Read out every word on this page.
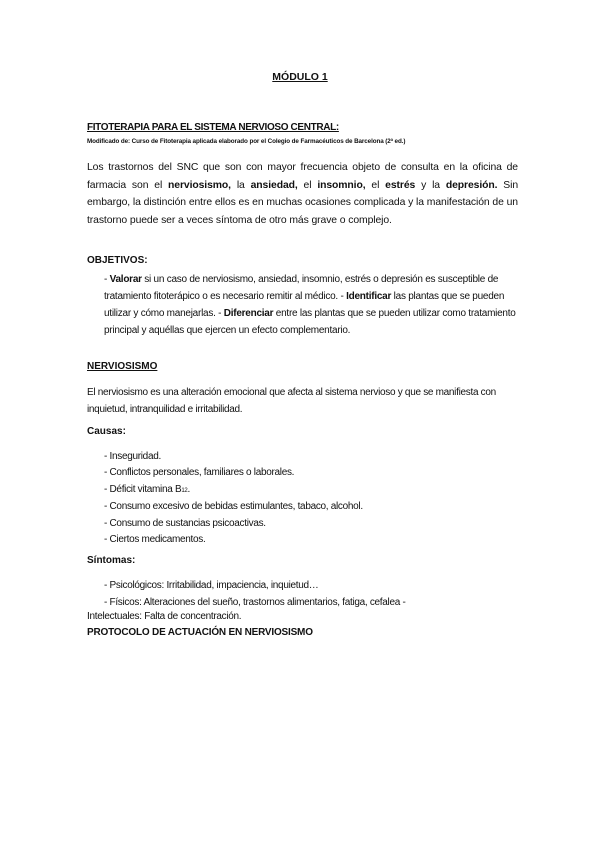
MÓDULO 1
FITOTERAPIA PARA EL SISTEMA NERVIOSO CENTRAL:
Modificado de: Curso de Fitoterapia aplicada elaborado por el Colegio de Farmacéuticos de Barcelona (2ª ed.)
Los trastornos del SNC que son con mayor frecuencia objeto de consulta en la oficina de farmacia son el nerviosismo, la ansiedad, el insomnio, el estrés y la depresión. Sin embargo, la distinción entre ellos es en muchas ocasiones complicada y la manifestación de un trastorno puede ser a veces síntoma de otro más grave o complejo.
OBJETIVOS:
- Valorar si un caso de nerviosismo, ansiedad, insomnio, estrés o depresión es susceptible de tratamiento fitoterápico o es necesario remitir al médico. - Identificar las plantas que se pueden utilizar y cómo manejarlas. - Diferenciar entre las plantas que se pueden utilizar como tratamiento principal y aquéllas que ejercen un efecto complementario.
NERVIOSISMO
El nerviosismo es una alteración emocional que afecta al sistema nervioso y que se manifiesta con inquietud, intranquilidad e irritabilidad.
Causas:
- Inseguridad.
- Conflictos personales, familiares o laborales.
- Déficit vitamina B12.
- Consumo excesivo de bebidas estimulantes, tabaco, alcohol.
- Consumo de sustancias psicoactivas.
- Ciertos medicamentos.
Síntomas:

- Psicológicos: Irritabilidad, impaciencia, inquietud…

- Físicos: Alteraciones del sueño, trastornos alimentarios, fatiga, cefalea -

Intelectuales: Falta de concentración.
PROTOCOLO DE ACTUACIÓN EN NERVIOSISMO
